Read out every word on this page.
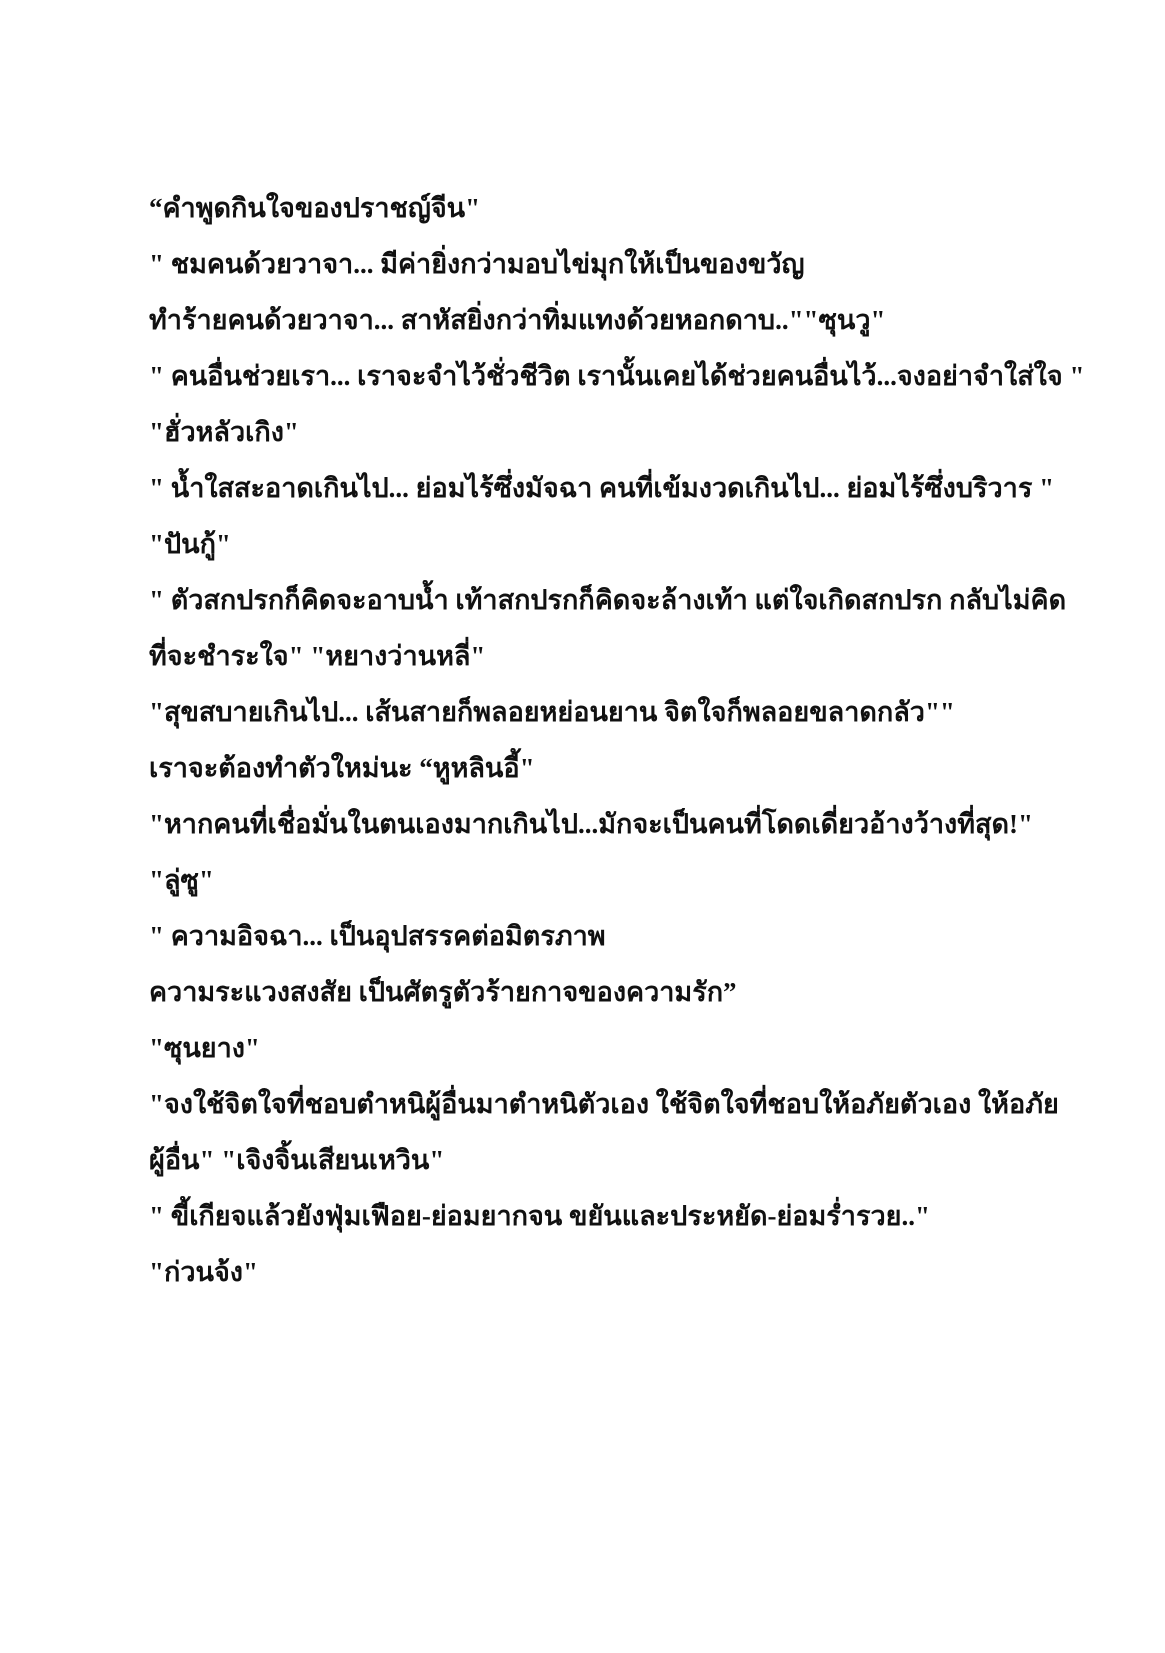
“คำพูดกินใจของปราชญ์จีน"
" ชมคนด้วยวาจา... มีค่ายิ่งกว่ามอบไข่มุกให้เป็นของขวัญ
ทำร้ายคนด้วยวาจา... สาหัสยิ่งกว่าทิ่มแทงด้วยหอกดาบ..""ซุนวู"
" คนอื่นช่วยเรา... เราจะจำไว้ชั่วชีวิต เรานั้นเคยได้ช่วยคนอื่นไว้...จงอย่าจำใส่ใจ "
"ฮั่วหลัวเกิง"
" น้ำใสสะอาดเกินไป... ย่อมไร้ซึ่งมัจฉา คนที่เข้มงวดเกินไป... ย่อมไร้ซึ่งบริวาร "
"ปันกู้"
" ตัวสกปรกก็คิดจะอาบน้ำ เท้าสกปรกก็คิดจะล้างเท้า แต่ใจเกิดสกปรก กลับไม่คิด
ที่จะชำระใจ" "หยางว่านหลี่"
"สุขสบายเกินไป... เส้นสายก็พลอยหย่อนยาน จิตใจก็พลอยขลาดกลัว""
เราจะต้องทำตัวใหม่นะ “หูหลินอี้"
"หากคนที่เชื่อมั่นในตนเองมากเกินไป...มักจะเป็นคนที่โดดเดี่ยวอ้างว้างที่สุด!"
"ลู่ซู"
" ความอิจฉา... เป็นอุปสรรคต่อมิตรภาพ
ความระแวงสงสัย เป็นศัตรูตัวร้ายกาจของความรัก”
"ซุนยาง"
"จงใช้จิตใจที่ชอบตำหนิผู้อื่นมาตำหนิตัวเอง ใช้จิตใจที่ชอบให้อภัยตัวเอง ให้อภัย
ผู้อื่น" "เจิงจิ้นเสียนเหวิน"
" ขี้เกียจแล้วยังฟุ่มเฟือย-ย่อมยากจน ขยันและประหยัด-ย่อมร่ำรวย.."
"ก่วนจ้ง"
